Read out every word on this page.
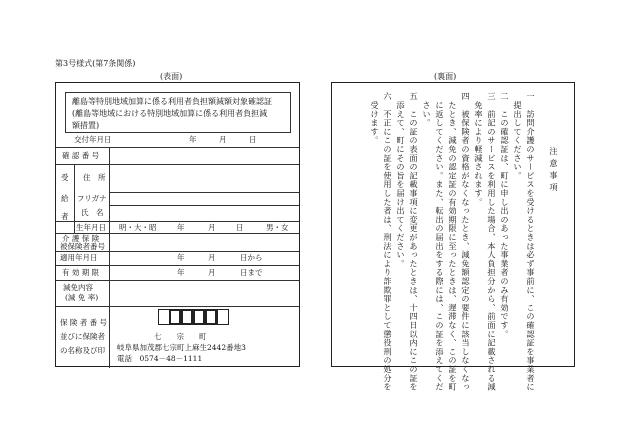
第3号様式(第7条関係)
(表面)	(裏面)
離島等特別地域加算に係る利用者負担額減額対象確認証
(離島等地域における特別地域加算に係る利用者負担減
額措置)
交付年月日	年	月	日
確 認 番 号
受
給
者
住　所
フリガナ
氏　名
生年月日 明・大・昭	年	月	日	男・女
介 護 保 険
被保険者番号
適用年月日	年	月	日から
有 効 期 限	年	月	日まで
減免内容
(減 免 率)
保 険 者 番 号
並びに保険者
の名称及び印
七　　宗　　町
岐阜県加茂郡七宗町上麻生2442番地3
電話　0574－48－1111
注 意 事 項
一　訪問介護のサービスを受けるときは必ず事前に、この確認証を事業者に
　提出してください。
二　この確認証は、町に申し出のあった事業者のみ有効です。
三　前記のサービスを利用した場合、本人負担分から、前面に記載される減
　免率により軽減されます。
四　被保険者の資格がなくなったとき、減免額認定の要件に該当しなくなっ
　たとき、減免の認定証の有効期限に至ったときは、遅滞なく、この証を町
　に返してください。また、転出の届出をする際には、この証を添えてくだ
　さい。
五　この証の表面の記載事項に変更があったときは、十四日以内にこの証を
　添えて、町にその旨を届け出てください。
六　不正にこの証を使用した者は、刑法により詐欺罪として懲役刑の処分を
　受けます。
